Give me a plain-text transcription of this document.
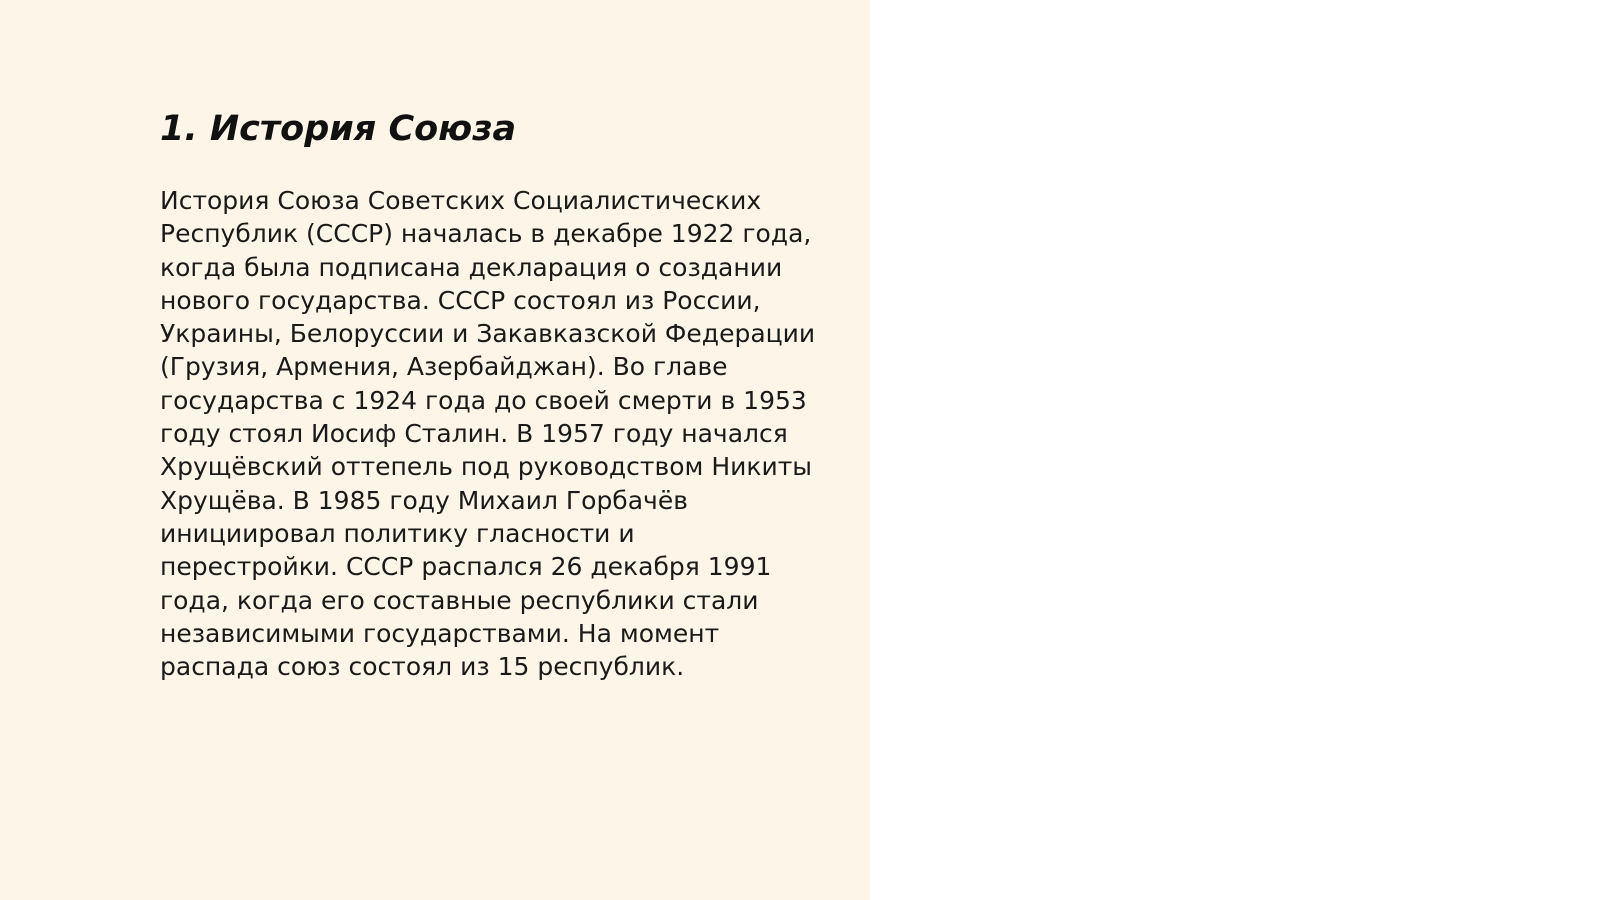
1. История Союза

История Союза Советских Социалистических
Республик (СССР) началась в декабре 1922 года,
когда была подписана декларация о создании
нового государства. СССР состоял из России,
Украины, Белоруссии и Закавказской Федерации
(Грузия, Армения, Азербайджан). Во главе
государства с 1924 года до своей смерти в 1953
году стоял Иосиф Сталин. В 1957 году начался
Хрущёвский оттепель под руководством Никиты
Хрущёва. В 1985 году Михаил Горбачёв
инициировал политику гласности и
перестройки. СССР распался 26 декабря 1991
года, когда его составные республики стали
независимыми государствами. На момент
распада союз состоял из 15 республик.
